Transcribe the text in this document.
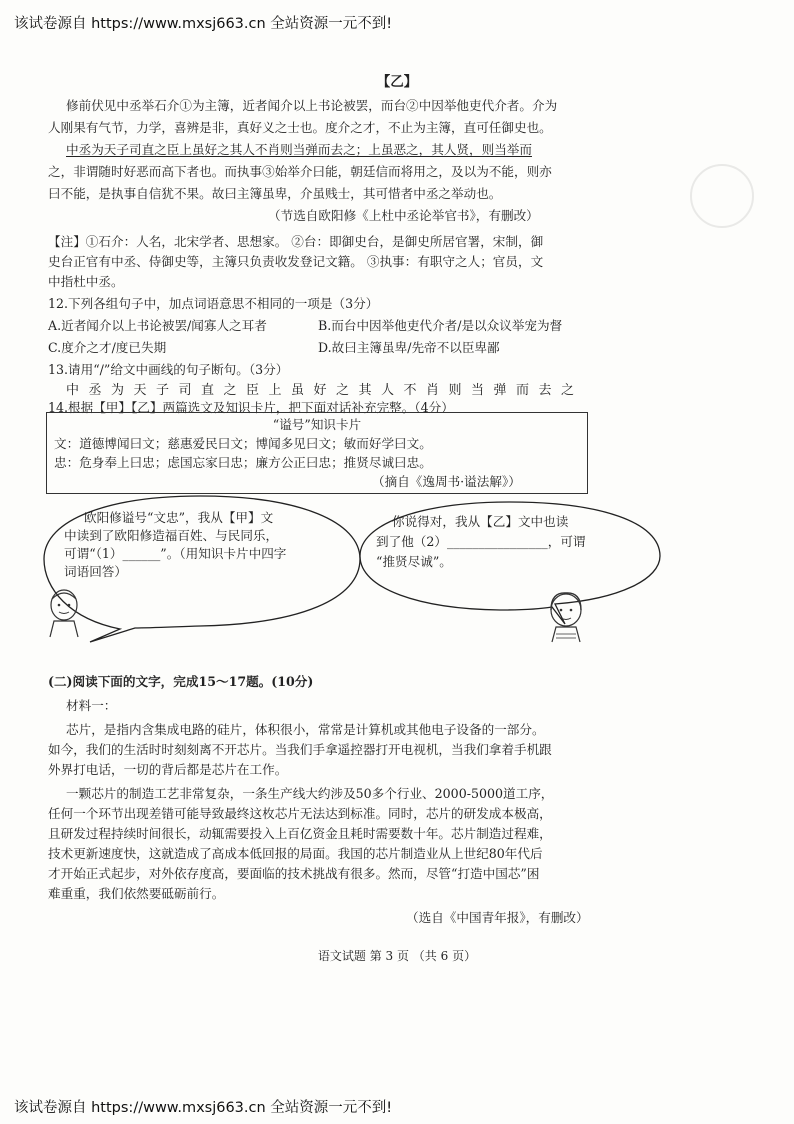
该试卷源自 https://www.mxsj663.cn 全站资源一元不到!
【乙】
修前伏见中丞举石介①为主簿，近者闻介以上书论被罢，而台②中因举他吏代介者。介为
人刚果有气节，力学，喜辨是非，真好义之士也。度介之才，不止为主簿，直可任御史也。
中丞为天子司直之臣上虽好之其人不肖则当弹而去之；上虽恶之，其人贤，则当举而
之，非谓随时好恶而高下者也。而执事③始举介曰能，朝廷信而将用之，及以为不能，则亦
曰不能，是执事自信犹不果。故曰主簿虽卑，介虽贱士，其可惜者中丞之举动也。
（节选自欧阳修《上杜中丞论举官书》，有删改）
【注】①石介：人名，北宋学者、思想家。 ②台：即御史台，是御史所居官署，宋制，御
史台正官有中丞、侍御史等，主簿只负责收发登记文籍。 ③执事：有职守之人；官员，文
中指杜中丞。
12.下列各组句子中，加点词语意思不相同的一项是（3分）
A.近者闻介以上书论被罢/闻寡人之耳者	B.而台中因举他吏代介者/是以众议举宠为督
C.度介之才/度已失期	D.故曰主簿虽卑/先帝不以臣卑鄙
13.请用“/”给文中画线的句子断句。（3分）
中丞为天子司直之臣上虽好之其人不肖则当弹而去之
14.根据【甲】【乙】两篇选文及知识卡片，把下面对话补充完整。（4分）
“谥号”知识卡片
文：道德博闻曰文；慈惠爱民曰文；博闻多见曰文；敏而好学曰文。
忠：危身奉上曰忠；虑国忘家曰忠；廉方公正曰忠；推贤尽诚曰忠。
（摘自《逸周书·谥法解》）
欧阳修谥号“文忠”，我从【甲】文
中读到了欧阳修造福百姓、与民同乐，
可谓“（1）______”。（用知识卡片中四字
词语回答）
你说得对，我从【乙】文中也读
到了他（2）________________，可谓
“推贤尽诚”。
(二)阅读下面的文字，完成15～17题。(10分)
材料一：
芯片，是指内含集成电路的硅片，体积很小，常常是计算机或其他电子设备的一部分。
如今，我们的生活时时刻刻离不开芯片。当我们手拿遥控器打开电视机，当我们拿着手机跟
外界打电话，一切的背后都是芯片在工作。
一颗芯片的制造工艺非常复杂，一条生产线大约涉及50多个行业、2000-5000道工序，
任何一个环节出现差错可能导致最终这枚芯片无法达到标准。同时，芯片的研发成本极高，
且研发过程持续时间很长，动辄需要投入上百亿资金且耗时需要数十年。芯片制造过程难，
技术更新速度快，这就造成了高成本低回报的局面。我国的芯片制造业从上世纪80年代后
才开始正式起步，对外依存度高，要面临的技术挑战有很多。然而，尽管“打造中国芯”困
难重重，我们依然要砥砺前行。
（选自《中国青年报》，有删改）
语文试题 第 3 页 （共 6 页）
该试卷源自 https://www.mxsj663.cn 全站资源一元不到!
